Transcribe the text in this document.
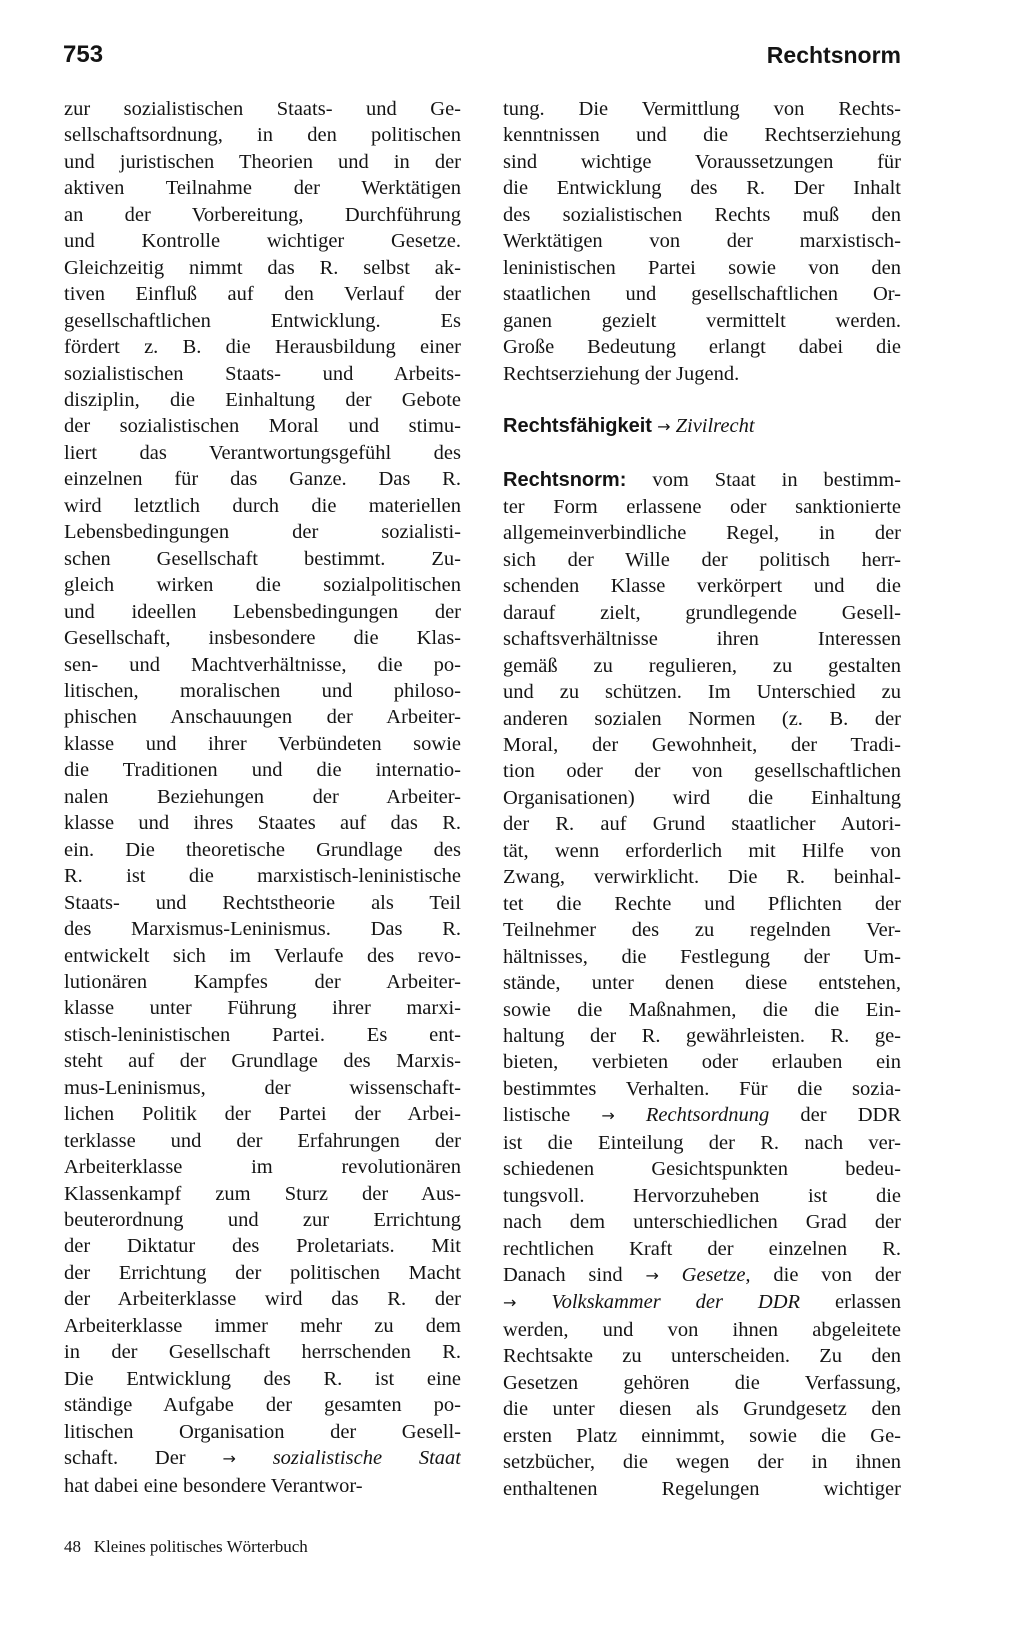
753	Rechtsnorm

zur sozialistischen Staats- und Ge-

sellschaftsordnung, in den politischen

und juristischen Theorien und in der

aktiven Teilnahme der Werktätigen

an der Vorbereitung, Durchführung

und Kontrolle wichtiger Gesetze.

Gleichzeitig nimmt das R. selbst ak-

tiven Einfluß auf den Verlauf der

gesellschaftlichen Entwicklung. Es

fördert z. B. die Herausbildung einer

sozialistischen Staats- und Arbeits-

disziplin, die Einhaltung der Gebote

der sozialistischen Moral und stimu-

liert das Verantwortungsgefühl des

einzelnen für das Ganze. Das R.

wird letztlich durch die materiellen

Lebensbedingungen der sozialisti-

schen Gesellschaft bestimmt. Zu-

gleich wirken die sozialpolitischen

und ideellen Lebensbedingungen der

Gesellschaft, insbesondere die Klas-

sen- und Machtverhältnisse, die po-

litischen, moralischen und philoso-

phischen Anschauungen der Arbeiter-

klasse und ihrer Verbündeten sowie

die Traditionen und die internatio-

nalen Beziehungen der Arbeiter-

klasse und ihres Staates auf das R.

ein. Die theoretische Grundlage des

R. ist die marxistisch-leninistische

Staats- und Rechtstheorie als Teil

des Marxismus-Leninismus. Das R.

entwickelt sich im Verlaufe des revo-

lutionären Kampfes der Arbeiter-

klasse unter Führung ihrer marxi-

stisch-leninistischen Partei. Es ent-

steht auf der Grundlage des Marxis-

mus-Leninismus, der wissenschaft-

lichen Politik der Partei der Arbei-

terklasse und der Erfahrungen der

Arbeiterklasse im revolutionären

Klassenkampf zum Sturz der Aus-

beuterordnung und zur Errichtung

der Diktatur des Proletariats. Mit

der Errichtung der politischen Macht

der Arbeiterklasse wird das R. der

Arbeiterklasse immer mehr zu dem

in der Gesellschaft herrschenden R.

Die Entwicklung des R. ist eine

ständige Aufgabe der gesamten po-

litischen Organisation der Gesell-

schaft. Der → sozialistische Staat

hat dabei eine besondere Verantwor-

tung. Die Vermittlung von Rechts-

kenntnissen und die Rechtserziehung

sind wichtige Voraussetzungen für

die Entwicklung des R. Der Inhalt

des sozialistischen Rechts muß den

Werktätigen von der marxistisch-

leninistischen Partei sowie von den

staatlichen und gesellschaftlichen Or-

ganen gezielt vermittelt werden.

Große Bedeutung erlangt dabei die

Rechtserziehung der Jugend.

Rechtsfähigkeit → Zivilrecht

Rechtsnorm: vom Staat in bestimm-

ter Form erlassene oder sanktionierte

allgemeinverbindliche Regel, in der

sich der Wille der politisch herr-

schenden Klasse verkörpert und die

darauf zielt, grundlegende Gesell-

schaftsverhältnisse ihren Interessen

gemäß zu regulieren, zu gestalten

und zu schützen. Im Unterschied zu

anderen sozialen Normen (z. B. der

Moral, der Gewohnheit, der Tradi-

tion oder der von gesellschaftlichen

Organisationen) wird die Einhaltung

der R. auf Grund staatlicher Autori-

tät, wenn erforderlich mit Hilfe von

Zwang, verwirklicht. Die R. beinhal-

tet die Rechte und Pflichten der

Teilnehmer des zu regelnden Ver-

hältnisses, die Festlegung der Um-

stände, unter denen diese entstehen,

sowie die Maßnahmen, die die Ein-

haltung der R. gewährleisten. R. ge-

bieten, verbieten oder erlauben ein

bestimmtes Verhalten. Für die sozia-

listische → Rechtsordnung der DDR

ist die Einteilung der R. nach ver-

schiedenen Gesichtspunkten bedeu-

tungsvoll. Hervorzuheben ist die

nach dem unterschiedlichen Grad der

rechtlichen Kraft der einzelnen R.

Danach sind → Gesetze, die von der

→ Volkskammer der DDR erlassen

werden, und von ihnen abgeleitete

Rechtsakte zu unterscheiden. Zu den

Gesetzen gehören die Verfassung,

die unter diesen als Grundgesetz den

ersten Platz einnimmt, sowie die Ge-

setzbücher, die wegen der in ihnen

enthaltenen Regelungen wichtiger

48 Kleines politisches Wörterbuch
